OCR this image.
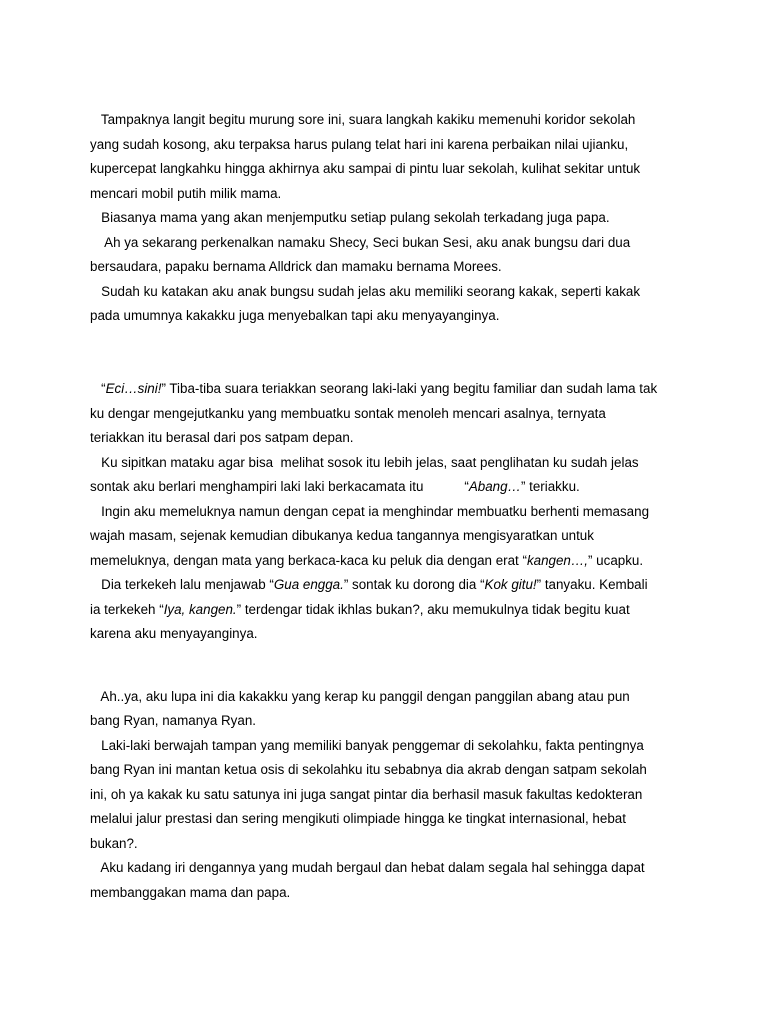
Tampaknya langit begitu murung sore ini, suara langkah kakiku memenuhi koridor sekolah

yang sudah kosong, aku terpaksa harus pulang telat hari ini karena perbaikan nilai ujianku,

kupercepat langkahku hingga akhirnya aku sampai di pintu luar sekolah, kulihat sekitar untuk

mencari mobil putih milik mama.

Biasanya mama yang akan menjemputku setiap pulang sekolah terkadang juga papa.

Ah ya sekarang perkenalkan namaku Shecy, Seci bukan Sesi, aku anak bungsu dari dua

bersaudara, papaku bernama Alldrick dan mamaku bernama Morees.

Sudah ku katakan aku anak bungsu sudah jelas aku memiliki seorang kakak, seperti kakak

pada umumnya kakakku juga menyebalkan tapi aku menyayanginya.

“Eci…sini!” Tiba-tiba suara teriakkan seorang laki-laki yang begitu familiar dan sudah lama tak

ku dengar mengejutkanku yang membuatku sontak menoleh mencari asalnya, ternyata

teriakkan itu berasal dari pos satpam depan.

Ku sipitkan mataku agar bisa  melihat sosok itu lebih jelas, saat penglihatan ku sudah jelas

sontak aku berlari menghampiri laki laki berkacamata itu           “Abang…” teriakku.

Ingin aku memeluknya namun dengan cepat ia menghindar membuatku berhenti memasang

wajah masam, sejenak kemudian dibukanya kedua tangannya mengisyaratkan untuk

memeluknya, dengan mata yang berkaca-kaca ku peluk dia dengan erat “kangen…,” ucapku.

Dia terkekeh lalu menjawab “Gua engga.” sontak ku dorong dia “Kok gitu!” tanyaku. Kembali

ia terkekeh “Iya, kangen.” terdengar tidak ikhlas bukan?, aku memukulnya tidak begitu kuat

karena aku menyayanginya.

Ah..ya, aku lupa ini dia kakakku yang kerap ku panggil dengan panggilan abang atau pun

bang Ryan, namanya Ryan.

Laki-laki berwajah tampan yang memiliki banyak penggemar di sekolahku, fakta pentingnya

bang Ryan ini mantan ketua osis di sekolahku itu sebabnya dia akrab dengan satpam sekolah

ini, oh ya kakak ku satu satunya ini juga sangat pintar dia berhasil masuk fakultas kedokteran

melalui jalur prestasi dan sering mengikuti olimpiade hingga ke tingkat internasional, hebat

bukan?.

Aku kadang iri dengannya yang mudah bergaul dan hebat dalam segala hal sehingga dapat

membanggakan mama dan papa.
